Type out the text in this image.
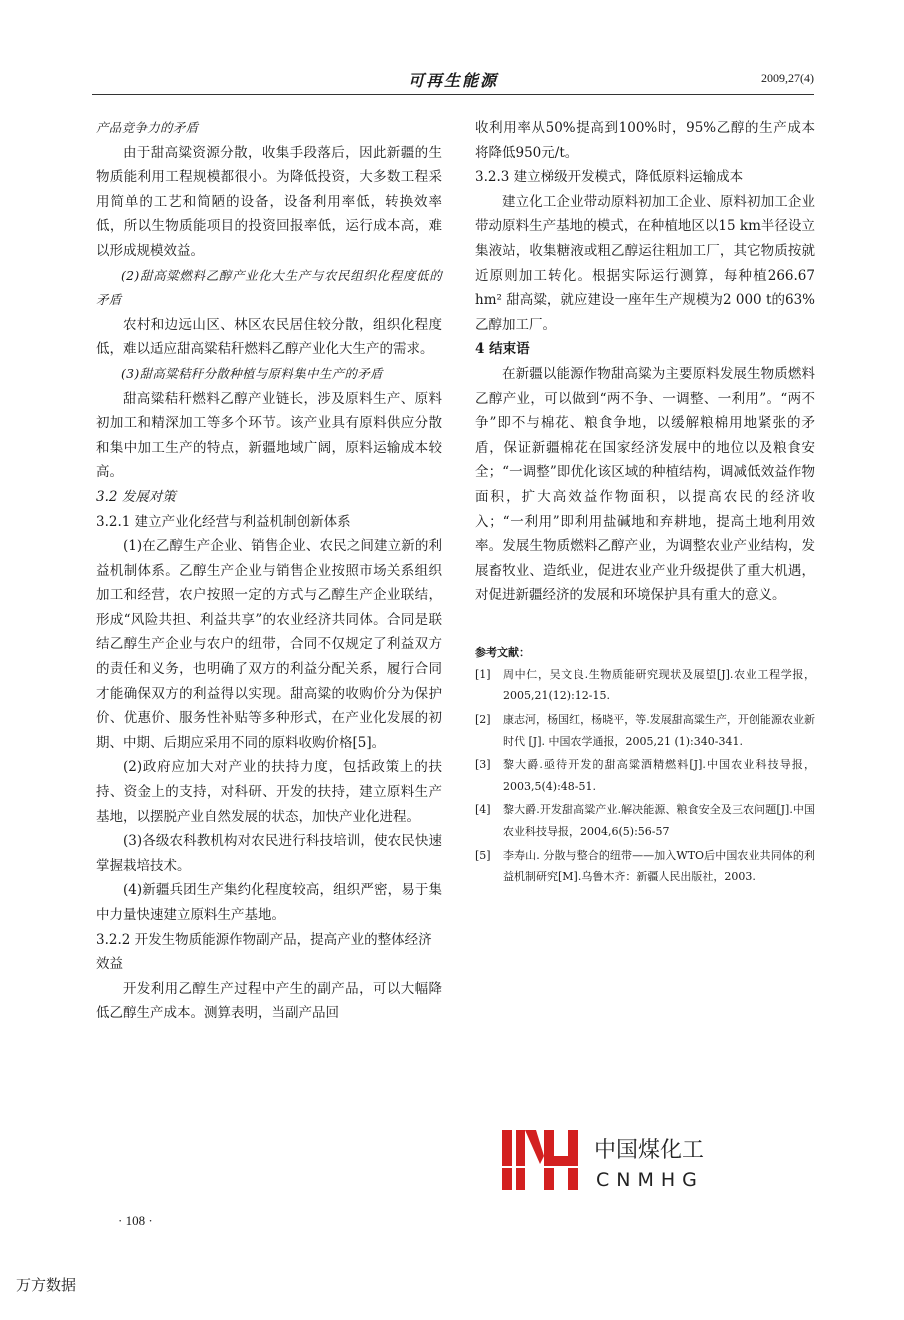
可再生能源	2009,27(4)

产品竞争力的矛盾

由于甜高粱资源分散，收集手段落后，因此新疆的生物质能利用工程规模都很小。为降低投资，大多数工程采用简单的工艺和简陋的设备，设备利用率低，转换效率低，所以生物质能项目的投资回报率低，运行成本高，难以形成规模效益。

(2)甜高粱燃料乙醇产业化大生产与农民组织化程度低的矛盾

农村和边远山区、林区农民居住较分散，组织化程度低，难以适应甜高粱秸秆燃料乙醇产业化大生产的需求。

(3)甜高粱秸秆分散种植与原料集中生产的矛盾

甜高粱秸秆燃料乙醇产业链长，涉及原料生产、原料初加工和精深加工等多个环节。该产业具有原料供应分散和集中加工生产的特点，新疆地域广阔，原料运输成本较高。

3.2 发展对策
3.2.1 建立产业化经营与利益机制创新体系

(1)在乙醇生产企业、销售企业、农民之间建立新的利益机制体系。乙醇生产企业与销售企业按照市场关系组织加工和经营，农户按照一定的方式与乙醇生产企业联结，形成“风险共担、利益共享”的农业经济共同体。合同是联结乙醇生产企业与农户的纽带，合同不仅规定了利益双方的责任和义务，也明确了双方的利益分配关系，履行合同才能确保双方的利益得以实现。甜高粱的收购价分为保护价、优惠价、服务性补贴等多种形式，在产业化发展的初期、中期、后期应采用不同的原料收购价格[5]。

(2)政府应加大对产业的扶持力度，包括政策上的扶持、资金上的支持，对科研、开发的扶持，建立原料生产基地，以摆脱产业自然发展的状态，加快产业化进程。

(3)各级农科教机构对农民进行科技培训，使农民快速掌握栽培技术。

(4)新疆兵团生产集约化程度较高，组织严密，易于集中力量快速建立原料生产基地。

3.2.2 开发生物质能源作物副产品，提高产业的整体经济效益

开发利用乙醇生产过程中产生的副产品，可以大幅降低乙醇生产成本。测算表明，当副产品回

收利用率从50%提高到100%时，95%乙醇的生产成本将降低950元/t。

3.2.3 建立梯级开发模式，降低原料运输成本

建立化工企业带动原料初加工企业、原料初加工企业带动原料生产基地的模式，在种植地区以15 km半径设立集液站，收集糖液或粗乙醇运往粗加工厂，其它物质按就近原则加工转化。根据实际运行测算，每种植266.67 hm² 甜高粱，就应建设一座年生产规模为2 000 t的63%乙醇加工厂。

4 结束语

在新疆以能源作物甜高粱为主要原料发展生物质燃料乙醇产业，可以做到“两不争、一调整、一利用”。“两不争”即不与棉花、粮食争地，以缓解粮棉用地紧张的矛盾，保证新疆棉花在国家经济发展中的地位以及粮食安全；“一调整”即优化该区域的种植结构，调减低效益作物面积，扩大高效益作物面积，以提高农民的经济收入；“一利用”即利用盐碱地和弃耕地，提高土地利用效率。发展生物质燃料乙醇产业，为调整农业产业结构，发展畜牧业、造纸业，促进农业产业升级提供了重大机遇，对促进新疆经济的发展和环境保护具有重大的意义。

参考文献：
[1]	周中仁，吴文良.生物质能研究现状及展望[J].农业工程学报，2005,21(12):12-15.
[2]	康志河，杨国红，杨晓平，等.发展甜高粱生产，开创能源农业新时代 [J]. 中国农学通报，2005,21 (1):340-341.
[3]	黎大爵.亟待开发的甜高粱酒精燃料[J].中国农业科技导报，2003,5(4):48-51.
[4]	黎大爵.开发甜高粱产业.解决能源、粮食安全及三农问题[J].中国农业科技导报，2004,6(5):56-57
[5]	李寿山. 分散与整合的纽带——加入WTO后中国农业共同体的利益机制研究[M].乌鲁木齐：新疆人民出版社，2003.
中国煤化工
CNMHG
· 108 ·
万方数据
